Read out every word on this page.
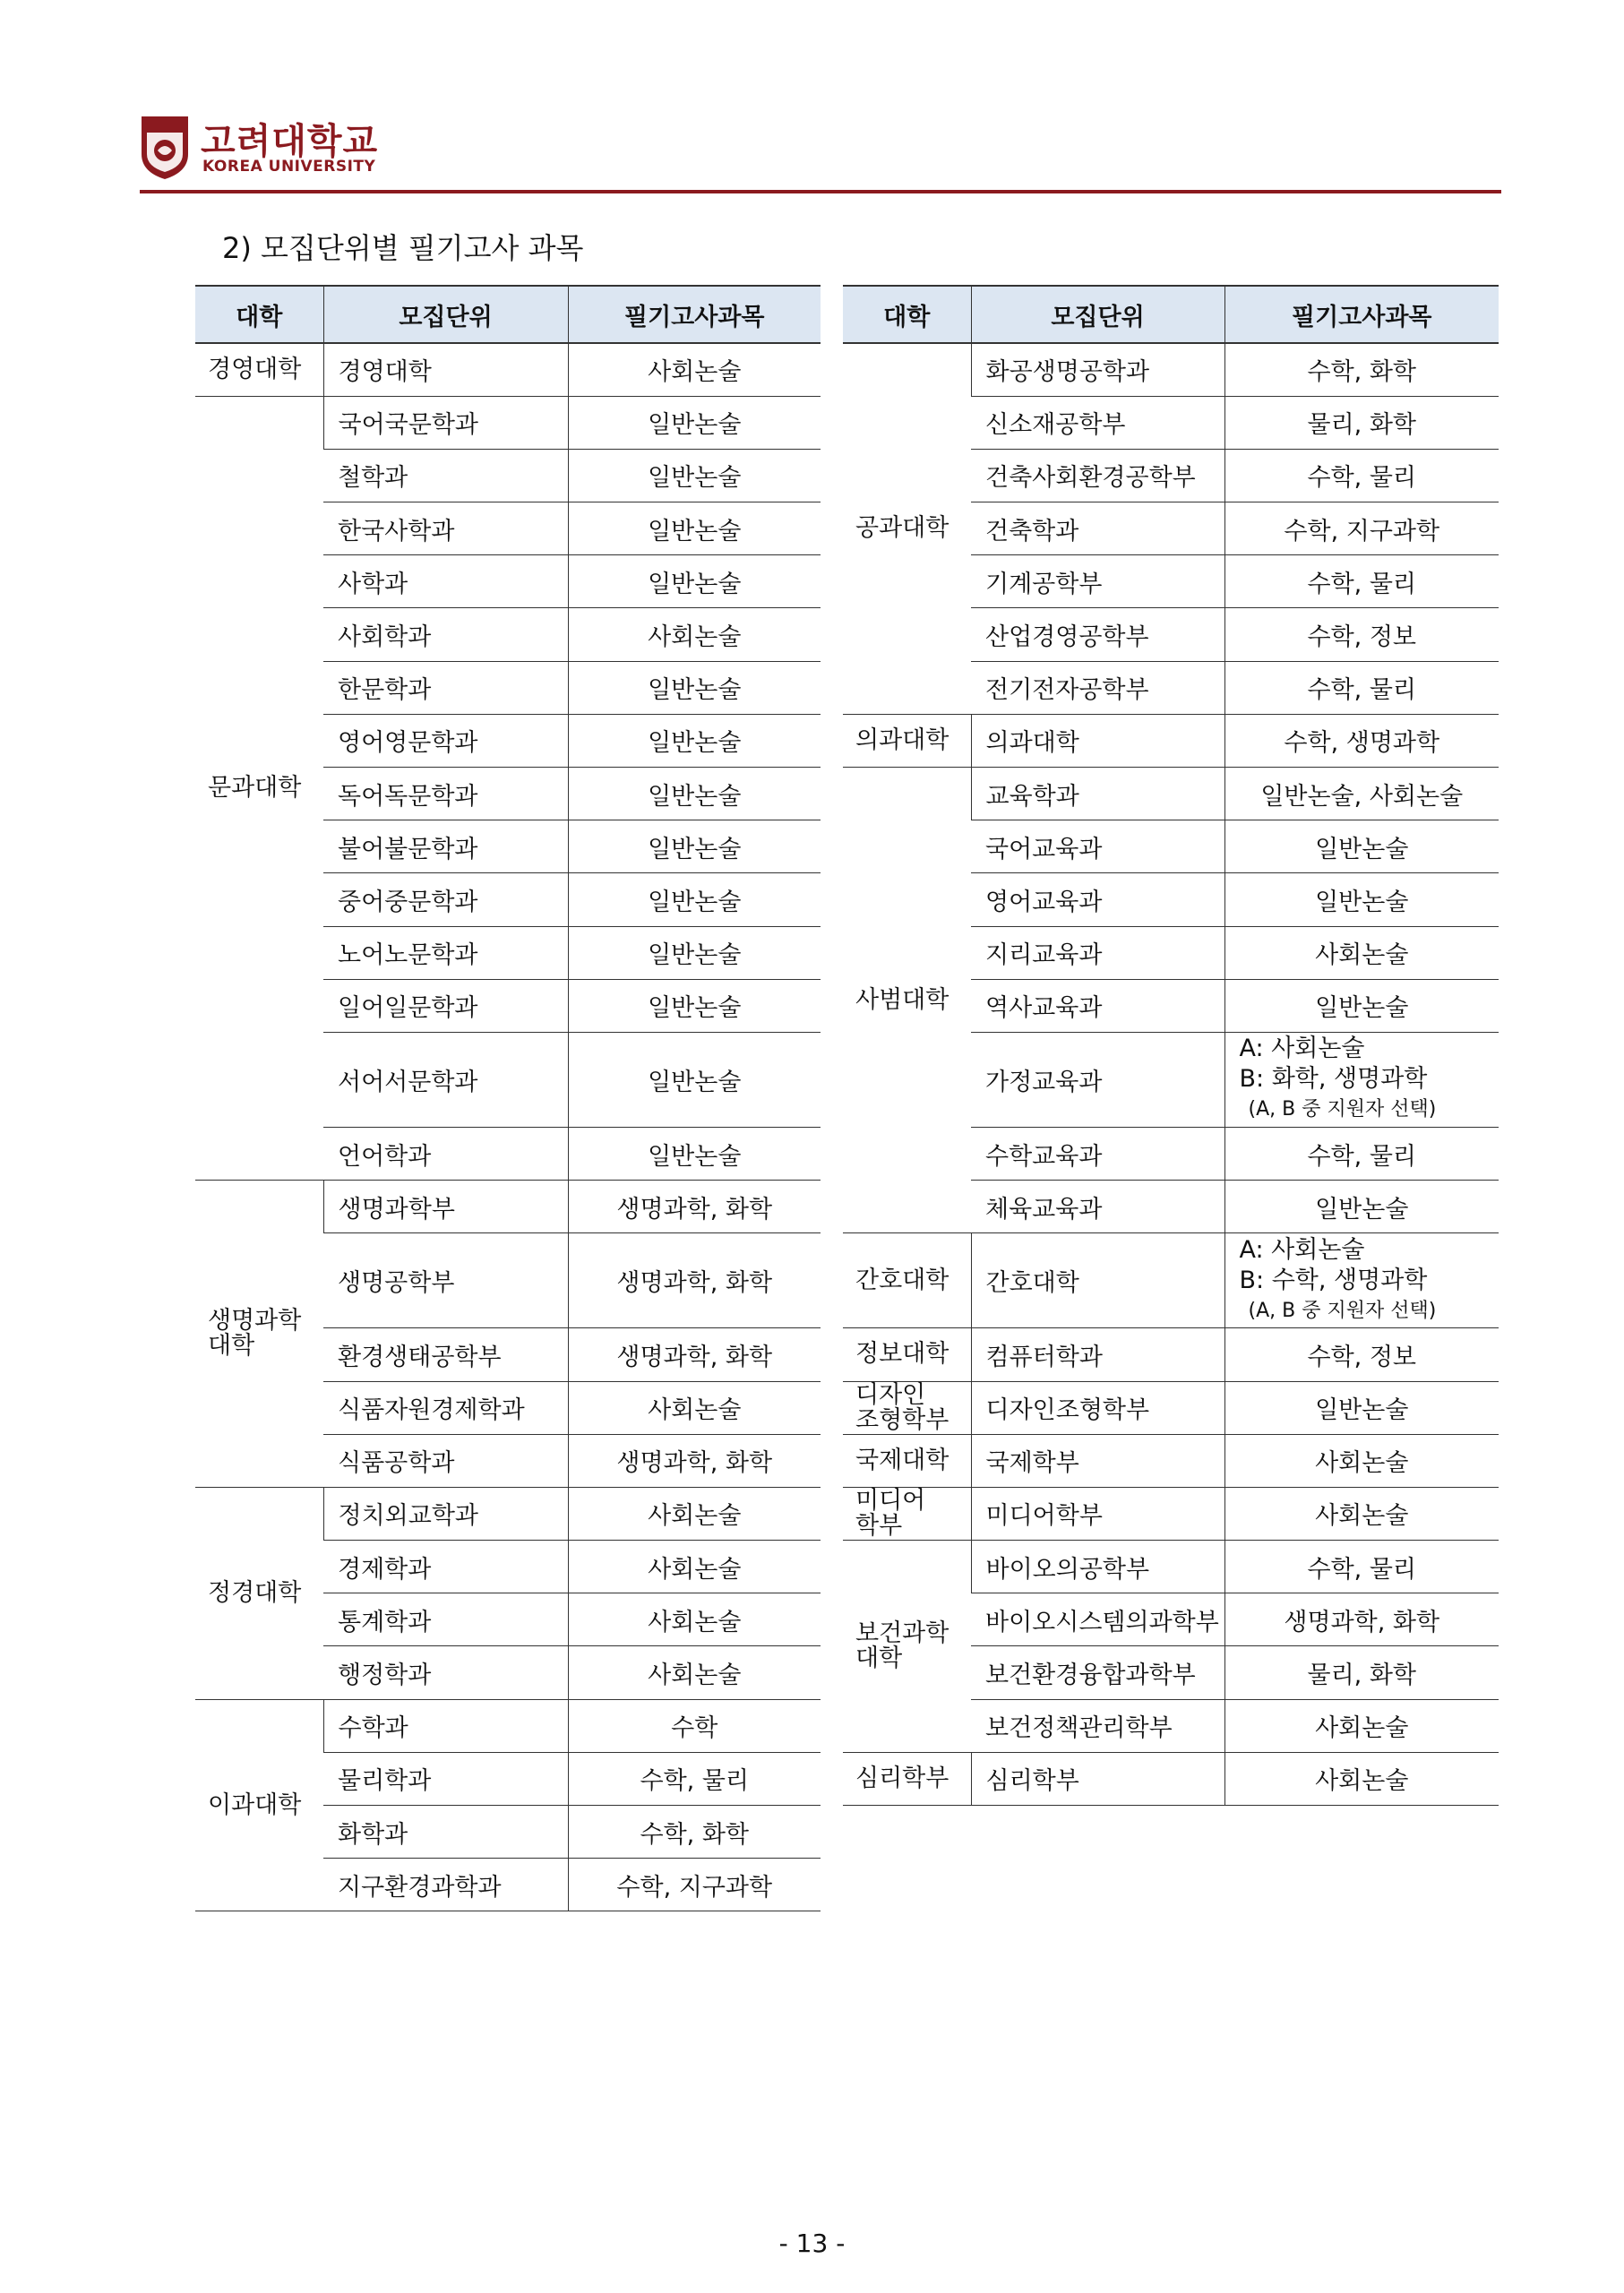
고려대학교
KOREA UNIVERSITY
2) 모집단위별 필기고사 과목
대학	모집단위	필기고사과목
경영대학	경영대학	사회논술
문과대학	국어국문학과	일반논술
	철학과	일반논술
	한국사학과	일반논술
	사학과	일반논술
	사회학과	사회논술
	한문학과	일반논술
	영어영문학과	일반논술
	독어독문학과	일반논술
	불어불문학과	일반논술
	중어중문학과	일반논술
	노어노문학과	일반논술
	일어일문학과	일반논술
	서어서문학과	일반논술
	언어학과	일반논술
생명과학
대학	생명과학부	생명과학, 화학
	생명공학부	생명과학, 화학
	환경생태공학부	생명과학, 화학
	식품자원경제학과	사회논술
	식품공학과	생명과학, 화학
정경대학	정치외교학과	사회논술
	경제학과	사회논술
	통계학과	사회논술
	행정학과	사회논술
이과대학	수학과	수학
	물리학과	수학, 물리
	화학과	수학, 화학
	지구환경과학과	수학, 지구과학
대학	모집단위	필기고사과목
공과대학	화공생명공학과	수학, 화학
	신소재공학부	물리, 화학
	건축사회환경공학부	수학, 물리
	건축학과	수학, 지구과학
	기계공학부	수학, 물리
	산업경영공학부	수학, 정보
	전기전자공학부	수학, 물리
의과대학	의과대학	수학, 생명과학
사범대학	교육학과	일반논술, 사회논술
	국어교육과	일반논술
	영어교육과	일반논술
	지리교육과	사회논술
	역사교육과	일반논술
	가정교육과	A: 사회논술
B: 화학, 생명과학
(A, B 중 지원자 선택)

	수학교육과	수학, 물리
	체육교육과	일반논술
간호대학	간호대학	A: 사회논술
B: 수학, 생명과학
(A, B 중 지원자 선택)

정보대학	컴퓨터학과	수학, 정보
디자인
조형학부	디자인조형학부	일반논술
국제대학	국제학부	사회논술
미디어
학부	미디어학부	사회논술
보건과학
대학	바이오의공학부	수학, 물리
	바이오시스템의과학부	생명과학, 화학
	보건환경융합과학부	물리, 화학
	보건정책관리학부	사회논술
심리학부	심리학부	사회논술
- 13 -
